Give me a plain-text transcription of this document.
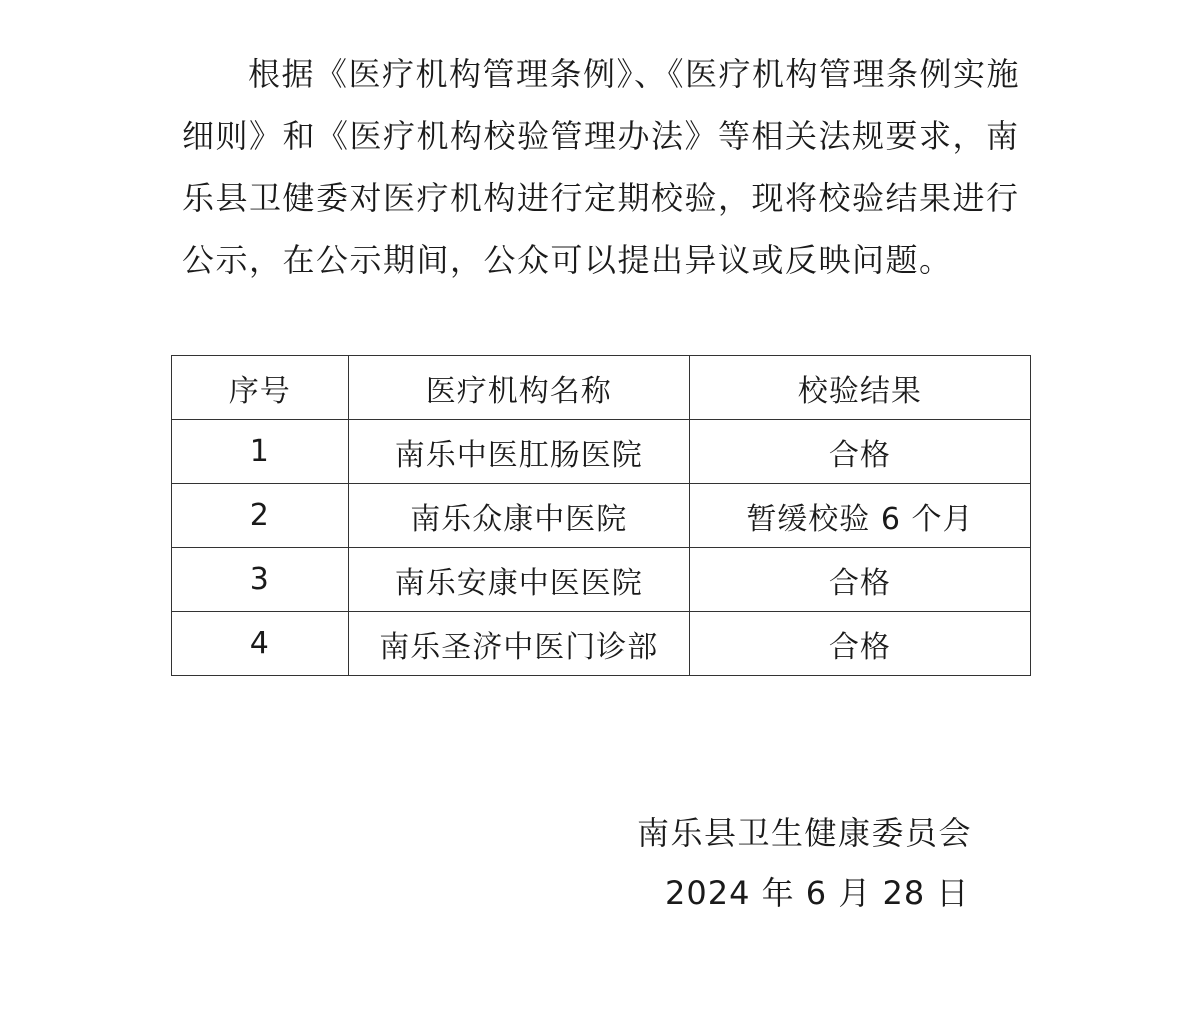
根据《医疗机构管理条例》、《医疗机构管理条例实施细则》和《医疗机构校验管理办法》等相关法规要求，南乐县卫健委对医疗机构进行定期校验，现将校验结果进行公示，在公示期间，公众可以提出异议或反映问题。

序号	医疗机构名称	校验结果
1	南乐中医肛肠医院	合格
2	南乐众康中医院	暂缓校验 6 个月
3	南乐安康中医医院	合格
4	南乐圣济中医门诊部	合格
南乐县卫生健康委员会
2024 年 6 月 28 日
